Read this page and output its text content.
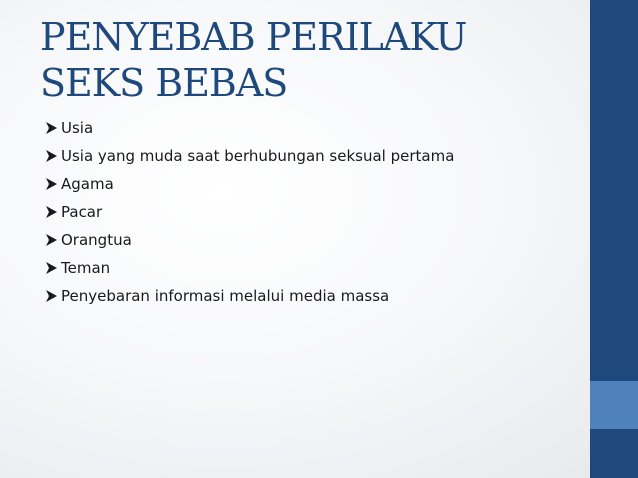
PENYEBAB PERILAKU SEKS BEBAS
Usia
Usia yang muda saat berhubungan seksual pertama
Agama
Pacar
Orangtua
Teman
Penyebaran informasi melalui media massa
